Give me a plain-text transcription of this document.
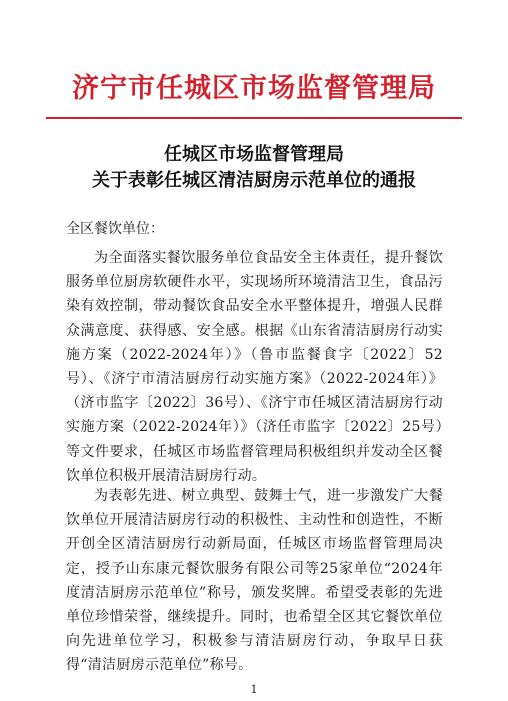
济宁市任城区市场监督管理局
任城区市场监督管理局
关于表彰任城区清洁厨房示范单位的通报
全区餐饮单位：

为全面落实餐饮服务单位食品安全主体责任，提升餐饮服务单位厨房软硬件水平，实现场所环境清洁卫生，食品污染有效控制，带动餐饮食品安全水平整体提升，增强人民群众满意度、获得感、安全感。根据《山东省清洁厨房行动实施方案（2022-2024年）》（鲁市监餐食字〔2022〕52号）、《济宁市清洁厨房行动实施方案》（2022-2024年）》（济市监字〔2022〕36号）、《济宁市任城区清洁厨房行动实施方案（2022-2024年）》（济任市监字〔2022〕25号）等文件要求，任城区市场监督管理局积极组织并发动全区餐饮单位积极开展清洁厨房行动。

为表彰先进、树立典型、鼓舞士气，进一步激发广大餐饮单位开展清洁厨房行动的积极性、主动性和创造性，不断开创全区清洁厨房行动新局面，任城区市场监督管理局决定，授予山东康元餐饮服务有限公司等25家单位“2024年度清洁厨房示范单位”称号，颁发奖牌。希望受表彰的先进单位珍惜荣誉，继续提升。同时，也希望全区其它餐饮单位向先进单位学习，积极参与清洁厨房行动，争取早日获得“清洁厨房示范单位”称号。

1
